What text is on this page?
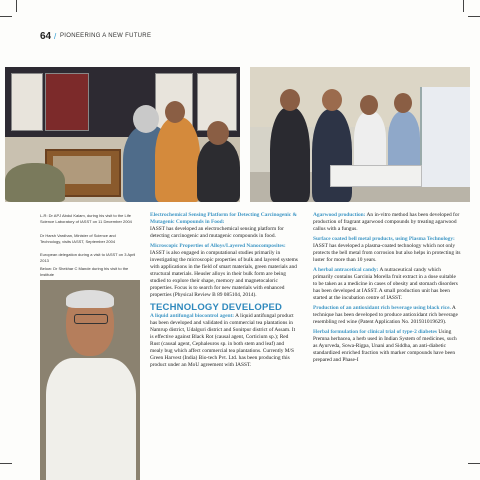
64 / PIONEERING A NEW FUTURE

L-R: Dr APJ Abdul Kalam, during his visit to the Life Science Laboratory of IASST on 11 December 2004

Dr Harsh Vardhan, Minister of Science and Technology, visits IASST, September 2004

European delegation during a visit to IASST on 3 April 2013

Below: Dr Shekhar C Mande during his visit to the Institute

Electrochemical Sensing Platform for Detecting Carcinogenic & Mutagenic Compounds in Food:

IASST has developed an electrochemical sensing platform for detecting carcinogenic and mutagenic compounds in food.

Microscopic Properties of Alloys/Layered Nanocomposites: IASST is also engaged in computational studies primarily in investigating the microscopic properties of bulk and layered systems with applications in the field of smart materials, green materials and structural materials. Heusler alloys in their bulk form are being studied to explore their shape, memory and magnetocaloric properties. Focus is to search for new materials with enhanced properties (Physical Review B 89 085104, 2014).

TECHNOLOGY DEVELOPED

A liquid antifungal biocontrol agent: A liquid antifungal product has been developed and validated in commercial tea plantations in Namrup district, Udalguri district and Sonitpur district of Assam. It is effective against Black Rot (causal agent, Corticium sp.); Red Rust (causal agent, Cephaleuros sp. in both stem and leaf) and mealy bug which affect commercial tea plantations. Currently M/S Green Harvest (India) Bio-tech Pvt. Ltd. has been producing this product under an MoU agreement with IASST.

Agarwood production: An in-vitro method has been developed for production of fragrant agarwood compounds by treating agarwood callus with a fungus.

Surface coated bell metal products, using Plasma Technology: IASST has developed a plasma-coated technology which not only protects the bell metal from corrosion but also helps in protecting its luster for more than 10 years.

A herbal antracetical candy: A nutraceutical candy which primarily contains Garcinia Morella fruit extract in a dose suitable to be taken as a medicine in cases of obesity and stomach disorders has been developed at IASST. A small production unit has been started at the incubation centre of IASST.

Production of an antioxidant rich beverage using black rice. A technique has been developed to produce antioxidant rich beverage resembling red wine (Patent Application No. 201931019629).

Herbal formulation for clinical trial of type-2 diabetes Using Premna herbacea, a herb used in Indian System of medicines, such as Ayurveda, Sowa-Rigpa, Unani and Siddha, an anti-diabetic standardized enriched fraction with marker compounds have been prepared and Phase-I
